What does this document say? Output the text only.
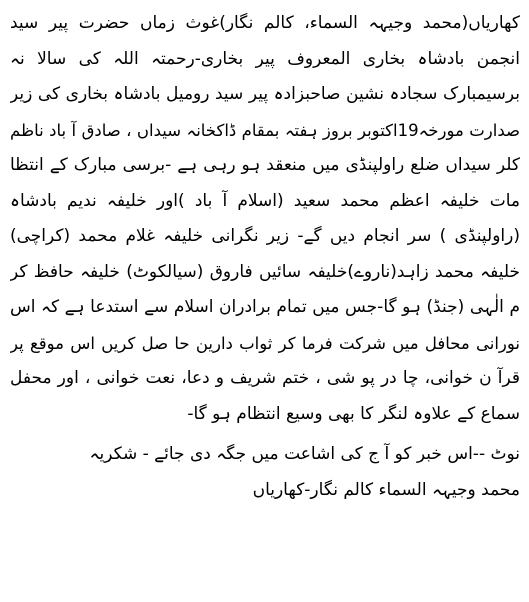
کھاریاں(محمد وجیہہ السماء، کالم نگار)غوث زماں حضرت پیر سید
انجمن بادشاہ بخاری المعروف پیر بخاری-رحمتہ اللہ کی سالا نہ
برسیمبارک سجادہ نشین صاحبزادہ پیر سید رومیل بادشاہ بخاری کی زیر
صدارت مورخہ19اکتوبر بروز ہفتہ بمقام ڈاکخانہ سیداں ، صادق آ باد ناظم
کلر سیداں ضلع راولپنڈی میں منعقد ہو رہی ہے -برسی مبارک کے انتظا
مات خلیفہ اعظم محمد سعید (اسلام آ باد )اور خلیفہ ندیم بادشاہ
(راولپنڈی ) سر انجام دیں گے- زیر نگرانی خلیفہ غلام محمد (کراچی)
خلیفہ محمد زاہد(ناروے)خلیفہ سائیں فاروق (سیالکوٹ) خلیفہ حافظ کر
م الٰہی (جنڈ) ہو گا-جس میں تمام برادران اسلام سے استدعا ہے کہ اس
نورانی محافل میں شرکت فرما کر ثواب دارین حا صل کریں اس موقع پر
قرآ ن خوانی، چا در پو شی ، ختم شریف و دعا، نعت خوانی ، اور محفل
سماع کے علاوہ لنگر کا بھی وسیع انتظام ہو گا-
نوٹ --اس خبر کو آ ج کی اشاعت میں جگہ دی جائے - شکریہ
محمد وجیہہ السماء کالم نگار-کھاریاں
